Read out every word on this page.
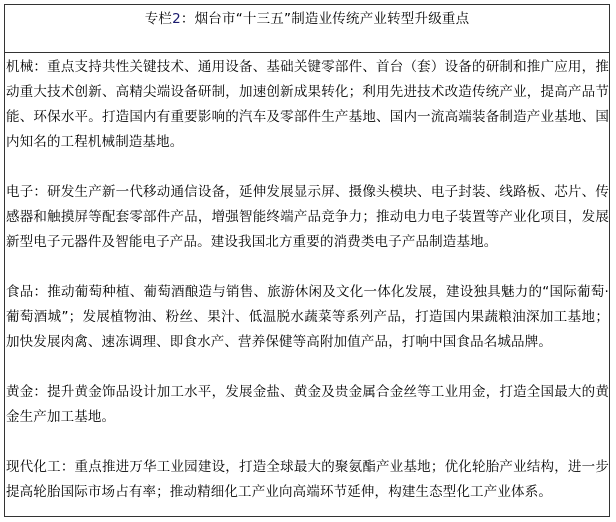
专栏2：烟台市“十三五”制造业传统产业转型升级重点

机械：重点支持共性关键技术、通用设备、基础关键零部件、首台（套）设备的研制和推广应用，推动重大技术创新、高精尖端设备研制，加速创新成果转化；利用先进技术改造传统产业，提高产品节能、环保水平。打造国内有重要影响的汽车及零部件生产基地、国内一流高端装备制造产业基地、国内知名的工程机械制造基地。

电子：研发生产新一代移动通信设备，延伸发展显示屏、摄像头模块、电子封装、线路板、芯片、传感器和触摸屏等配套零部件产品，增强智能终端产品竞争力；推动电力电子装置等产业化项目，发展新型电子元器件及智能电子产品。建设我国北方重要的消费类电子产品制造基地。

食品：推动葡萄种植、葡萄酒酿造与销售、旅游休闲及文化一体化发展，建设独具魅力的“国际葡萄·葡萄酒城”；发展植物油、粉丝、果汁、低温脱水蔬菜等系列产品，打造国内果蔬粮油深加工基地；加快发展肉禽、速冻调理、即食水产、营养保健等高附加值产品，打响中国食品名城品牌。

黄金：提升黄金饰品设计加工水平，发展金盐、黄金及贵金属合金丝等工业用金，打造全国最大的黄金生产加工基地。

现代化工：重点推进万华工业园建设，打造全球最大的聚氨酯产业基地；优化轮胎产业结构，进一步提高轮胎国际市场占有率；推动精细化工产业向高端环节延伸，构建生态型化工产业体系。
